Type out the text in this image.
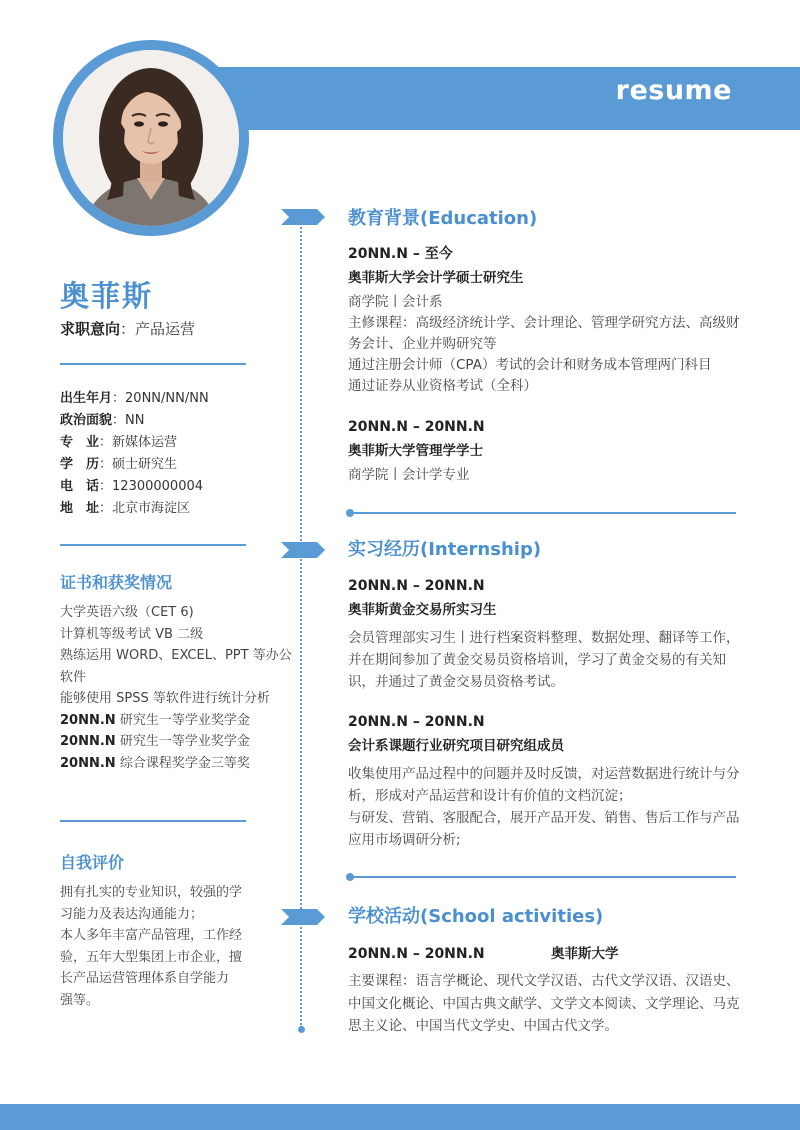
resume
奥菲斯
求职意向：产品运营
出生年月：20NN/NN/NN
政治面貌：NN
专　业：新媒体运营
学　历：硕士研究生
电　话：12300000004
地　址：北京市海淀区
证书和获奖情况
大学英语六级（CET 6)
计算机等级考试 VB 二级
熟练运用 WORD、EXCEL、PPT 等办公软件
能够使用 SPSS 等软件进行统计分析
20NN.N 研究生一等学业奖学金
20NN.N 研究生一等学业奖学金
20NN.N 综合课程奖学金三等奖
自我评价
拥有扎实的专业知识，较强的学
习能力及表达沟通能力；
本人多年丰富产品管理，工作经
验，五年大型集团上市企业，擅
长产品运营管理体系自学能力
强等。
教育背景(Education)
20NN.N – 至今
奥菲斯大学会计学硕士研究生
商学院丨会计系
主修课程：高级经济统计学、会计理论、管理学研究方法、高级财务会计、企业并购研究等
通过注册会计师（CPA）考试的会计和财务成本管理两门科目
通过证券从业资格考试（全科）
20NN.N – 20NN.N
奥菲斯大学管理学学士
商学院丨会计学专业
实习经历(Internship)
20NN.N – 20NN.N
奥菲斯黄金交易所实习生
会员管理部实习生丨进行档案资料整理、数据处理、翻译等工作，并在期间参加了黄金交易员资格培训，学习了黄金交易的有关知识，并通过了黄金交易员资格考试。
20NN.N – 20NN.N
会计系课题行业研究项目研究组成员
收集使用产品过程中的问题并及时反馈，对运营数据进行统计与分析，形成对产品运营和设计有价值的文档沉淀；
与研发、营销、客服配合，展开产品开发、销售、售后工作与产品应用市场调研分析;
学校活动(School activities)
20NN.N – 20NN.N	奥菲斯大学
主要课程：语言学概论、现代文学汉语、古代文学汉语、汉语史、中国文化概论、中国古典文献学、文学文本阅读、文学理论、马克思主义论、中国当代文学史、中国古代文学。
